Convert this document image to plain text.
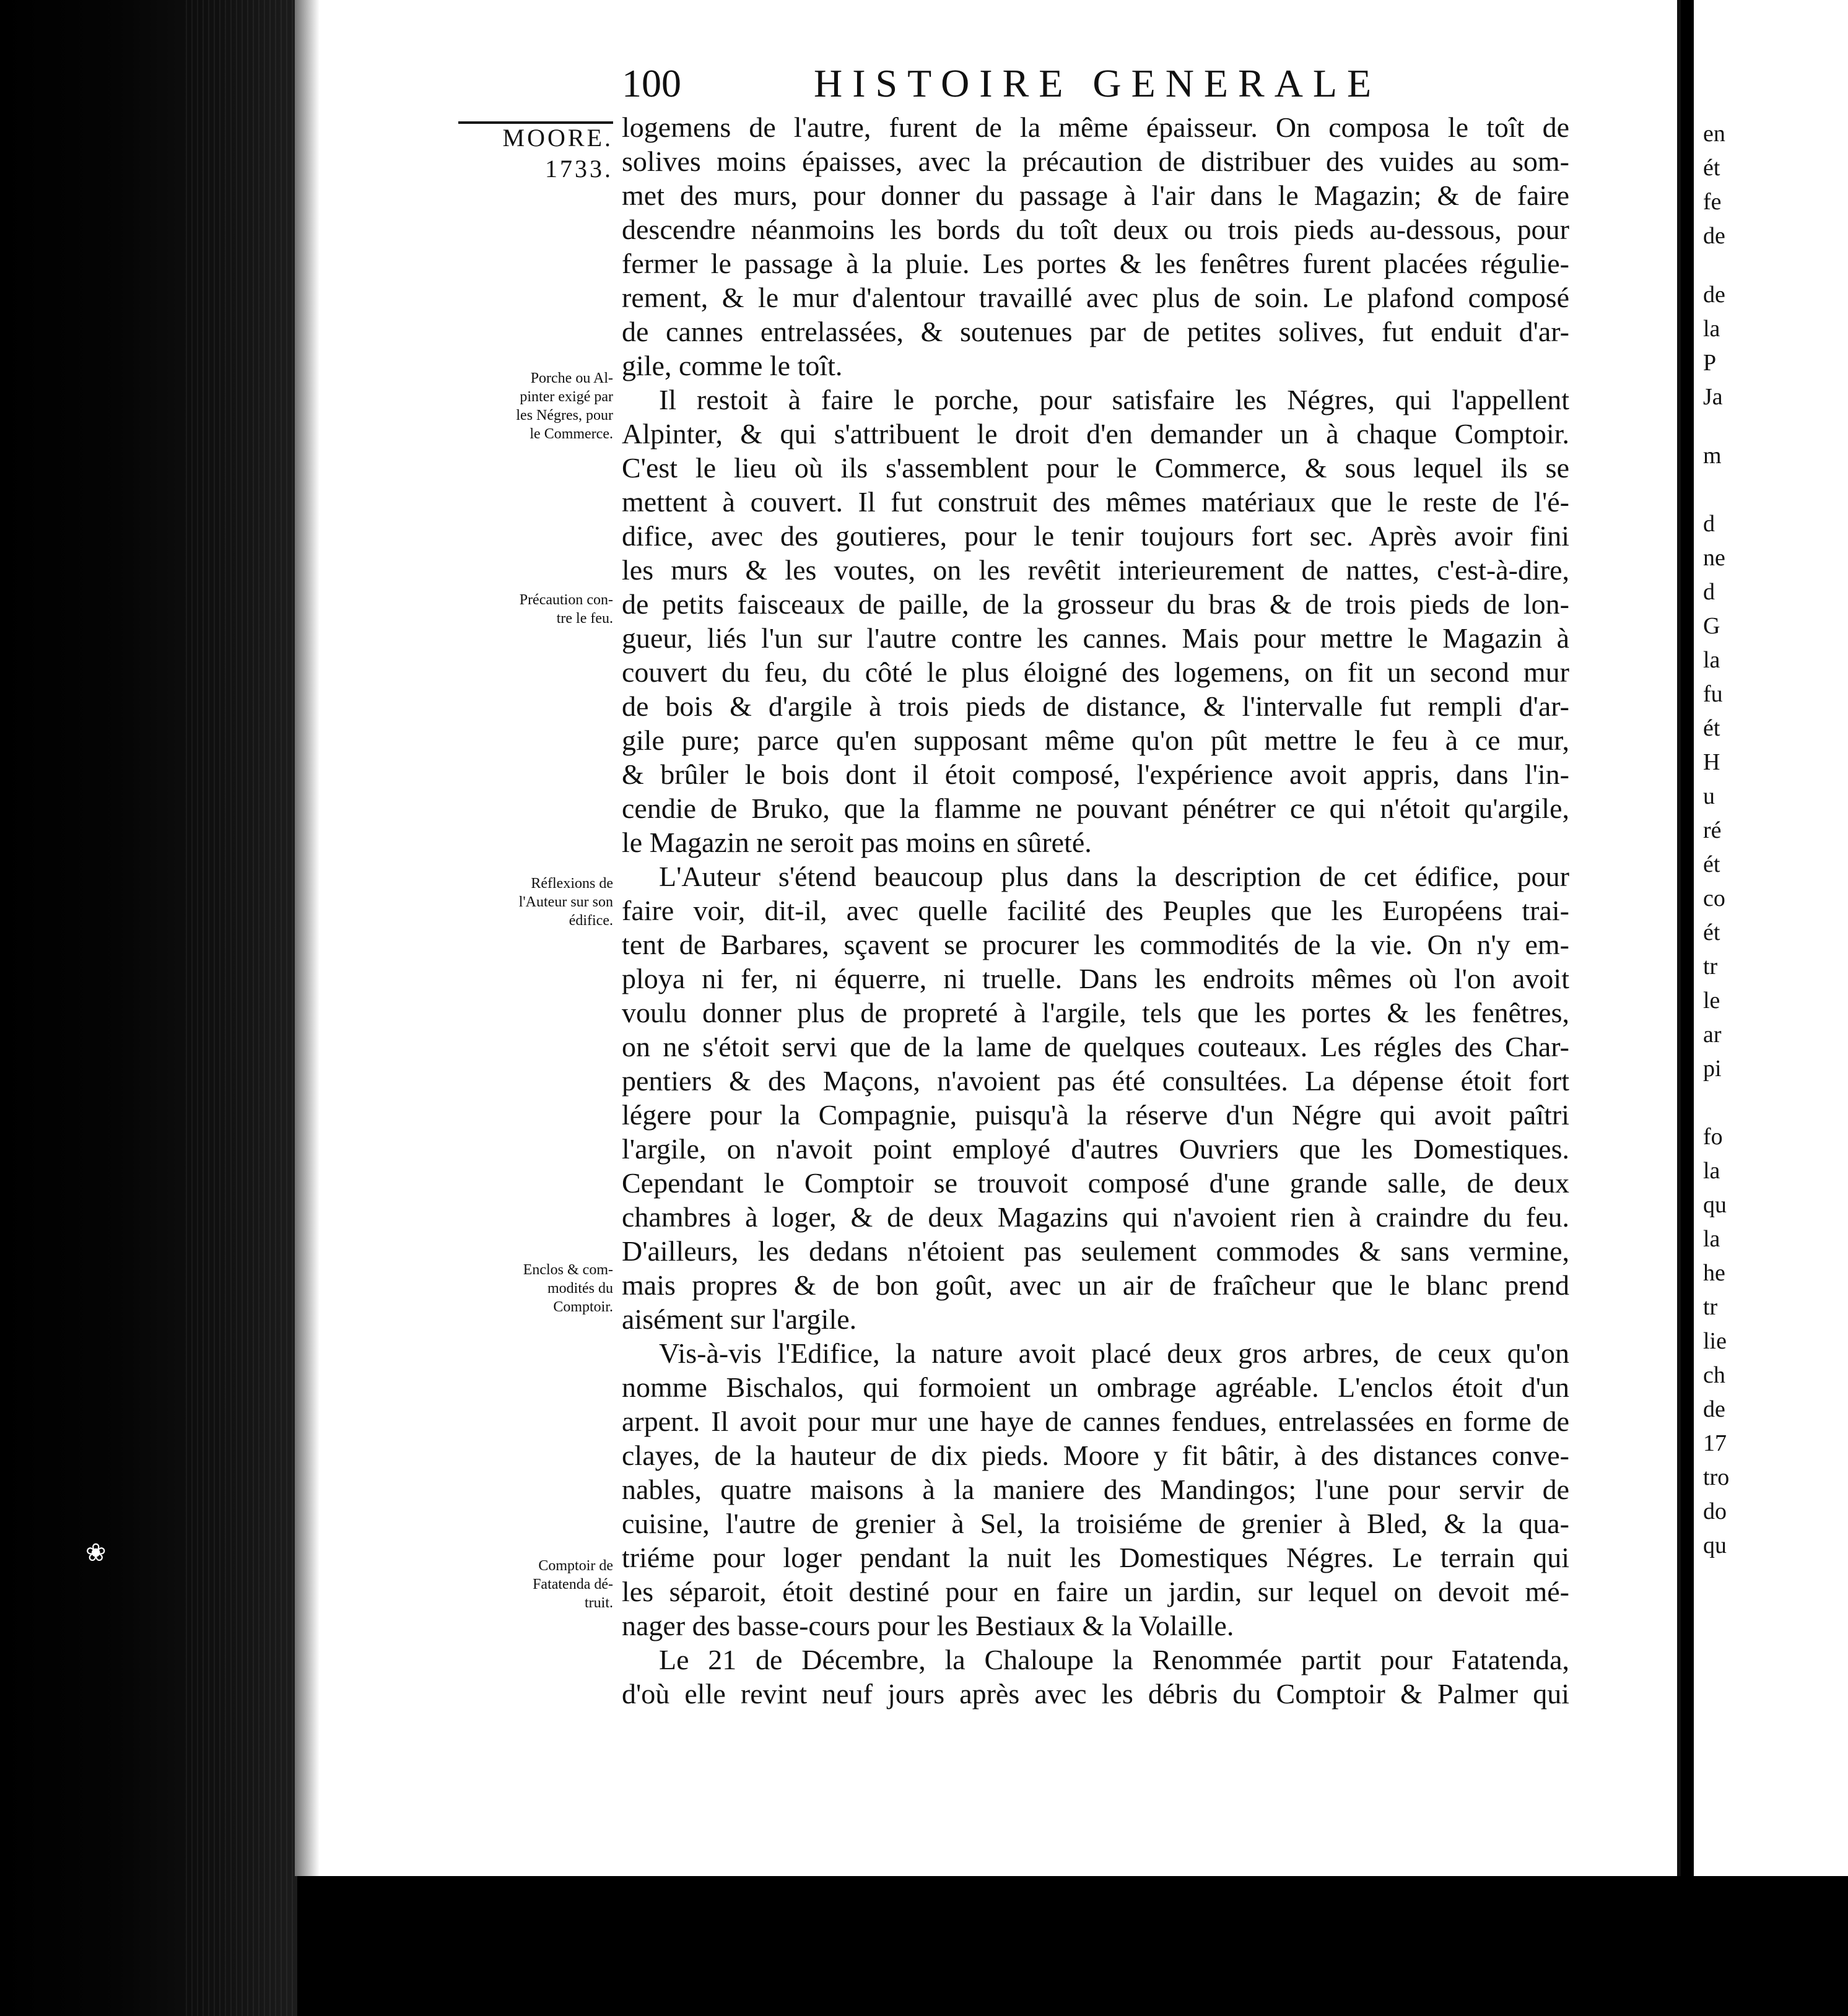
100	HISTOIRE GENERALE
MOORE.
1733.
Porche ou Al-
pinter exigé par
les Négres, pour
le Commerce.
Précaution con-
tre le feu.
Réflexions de
l'Auteur sur son
édifice.
Enclos & com-
modités du
Comptoir.
Comptoir de
Fatatenda dé-
truit.
logemens de l'autre, furent de la même épaisseur. On composa le toît de
solives moins épaisses, avec la précaution de distribuer des vuides au som-
met des murs, pour donner du passage à l'air dans le Magazin; & de faire
descendre néanmoins les bords du toît deux ou trois pieds au-dessous, pour
fermer le passage à la pluie. Les portes & les fenêtres furent placées régulie-
rement, & le mur d'alentour travaillé avec plus de soin. Le plafond composé
de cannes entrelassées, & soutenues par de petites solives, fut enduit d'ar-
gile, comme le toît.
Il restoit à faire le porche, pour satisfaire les Négres, qui l'appellent
Alpinter, & qui s'attribuent le droit d'en demander un à chaque Comptoir.
C'est le lieu où ils s'assemblent pour le Commerce, & sous lequel ils se
mettent à couvert. Il fut construit des mêmes matériaux que le reste de l'é-
difice, avec des goutieres, pour le tenir toujours fort sec. Après avoir fini
les murs & les voutes, on les revêtit interieurement de nattes, c'est-à-dire,
de petits faisceaux de paille, de la grosseur du bras & de trois pieds de lon-
gueur, liés l'un sur l'autre contre les cannes. Mais pour mettre le Magazin à
couvert du feu, du côté le plus éloigné des logemens, on fit un second mur
de bois & d'argile à trois pieds de distance, & l'intervalle fut rempli d'ar-
gile pure; parce qu'en supposant même qu'on pût mettre le feu à ce mur,
& brûler le bois dont il étoit composé, l'expérience avoit appris, dans l'in-
cendie de Bruko, que la flamme ne pouvant pénétrer ce qui n'étoit qu'argile,
le Magazin ne seroit pas moins en sûreté.
L'Auteur s'étend beaucoup plus dans la description de cet édifice, pour
faire voir, dit-il, avec quelle facilité des Peuples que les Européens trai-
tent de Barbares, sçavent se procurer les commodités de la vie. On n'y em-
ploya ni fer, ni équerre, ni truelle. Dans les endroits mêmes où l'on avoit
voulu donner plus de propreté à l'argile, tels que les portes & les fenêtres,
on ne s'étoit servi que de la lame de quelques couteaux. Les régles des Char-
pentiers & des Maçons, n'avoient pas été consultées. La dépense étoit fort
légere pour la Compagnie, puisqu'à la réserve d'un Négre qui avoit paîtri
l'argile, on n'avoit point employé d'autres Ouvriers que les Domestiques.
Cependant le Comptoir se trouvoit composé d'une grande salle, de deux
chambres à loger, & de deux Magazins qui n'avoient rien à craindre du feu.
D'ailleurs, les dedans n'étoient pas seulement commodes & sans vermine,
mais propres & de bon goût, avec un air de fraîcheur que le blanc prend
aisément sur l'argile.
Vis-à-vis l'Edifice, la nature avoit placé deux gros arbres, de ceux qu'on
nomme Bischalos, qui formoient un ombrage agréable. L'enclos étoit d'un
arpent. Il avoit pour mur une haye de cannes fendues, entrelassées en forme de
clayes, de la hauteur de dix pieds. Moore y fit bâtir, à des distances conve-
nables, quatre maisons à la maniere des Mandingos; l'une pour servir de
cuisine, l'autre de grenier à Sel, la troisiéme de grenier à Bled, & la qua-
triéme pour loger pendant la nuit les Domestiques Négres. Le terrain qui
les séparoit, étoit destiné pour en faire un jardin, sur lequel on devoit mé-
nager des basse-cours pour les Bestiaux & la Volaille.
Le 21 de Décembre, la Chaloupe la Renommée partit pour Fatatenda,
d'où elle revint neuf jours après avec les débris du Comptoir & Palmer qui
en
ét
fe
de
de
la
P
Ja
m
d
ne
d
G
la
fu
ét
H
u
ré
ét
co
ét
tr
le
ar
pi
fo
la
qu
la
he
tr
lie
ch
de
17
tro
do
qu
❀
